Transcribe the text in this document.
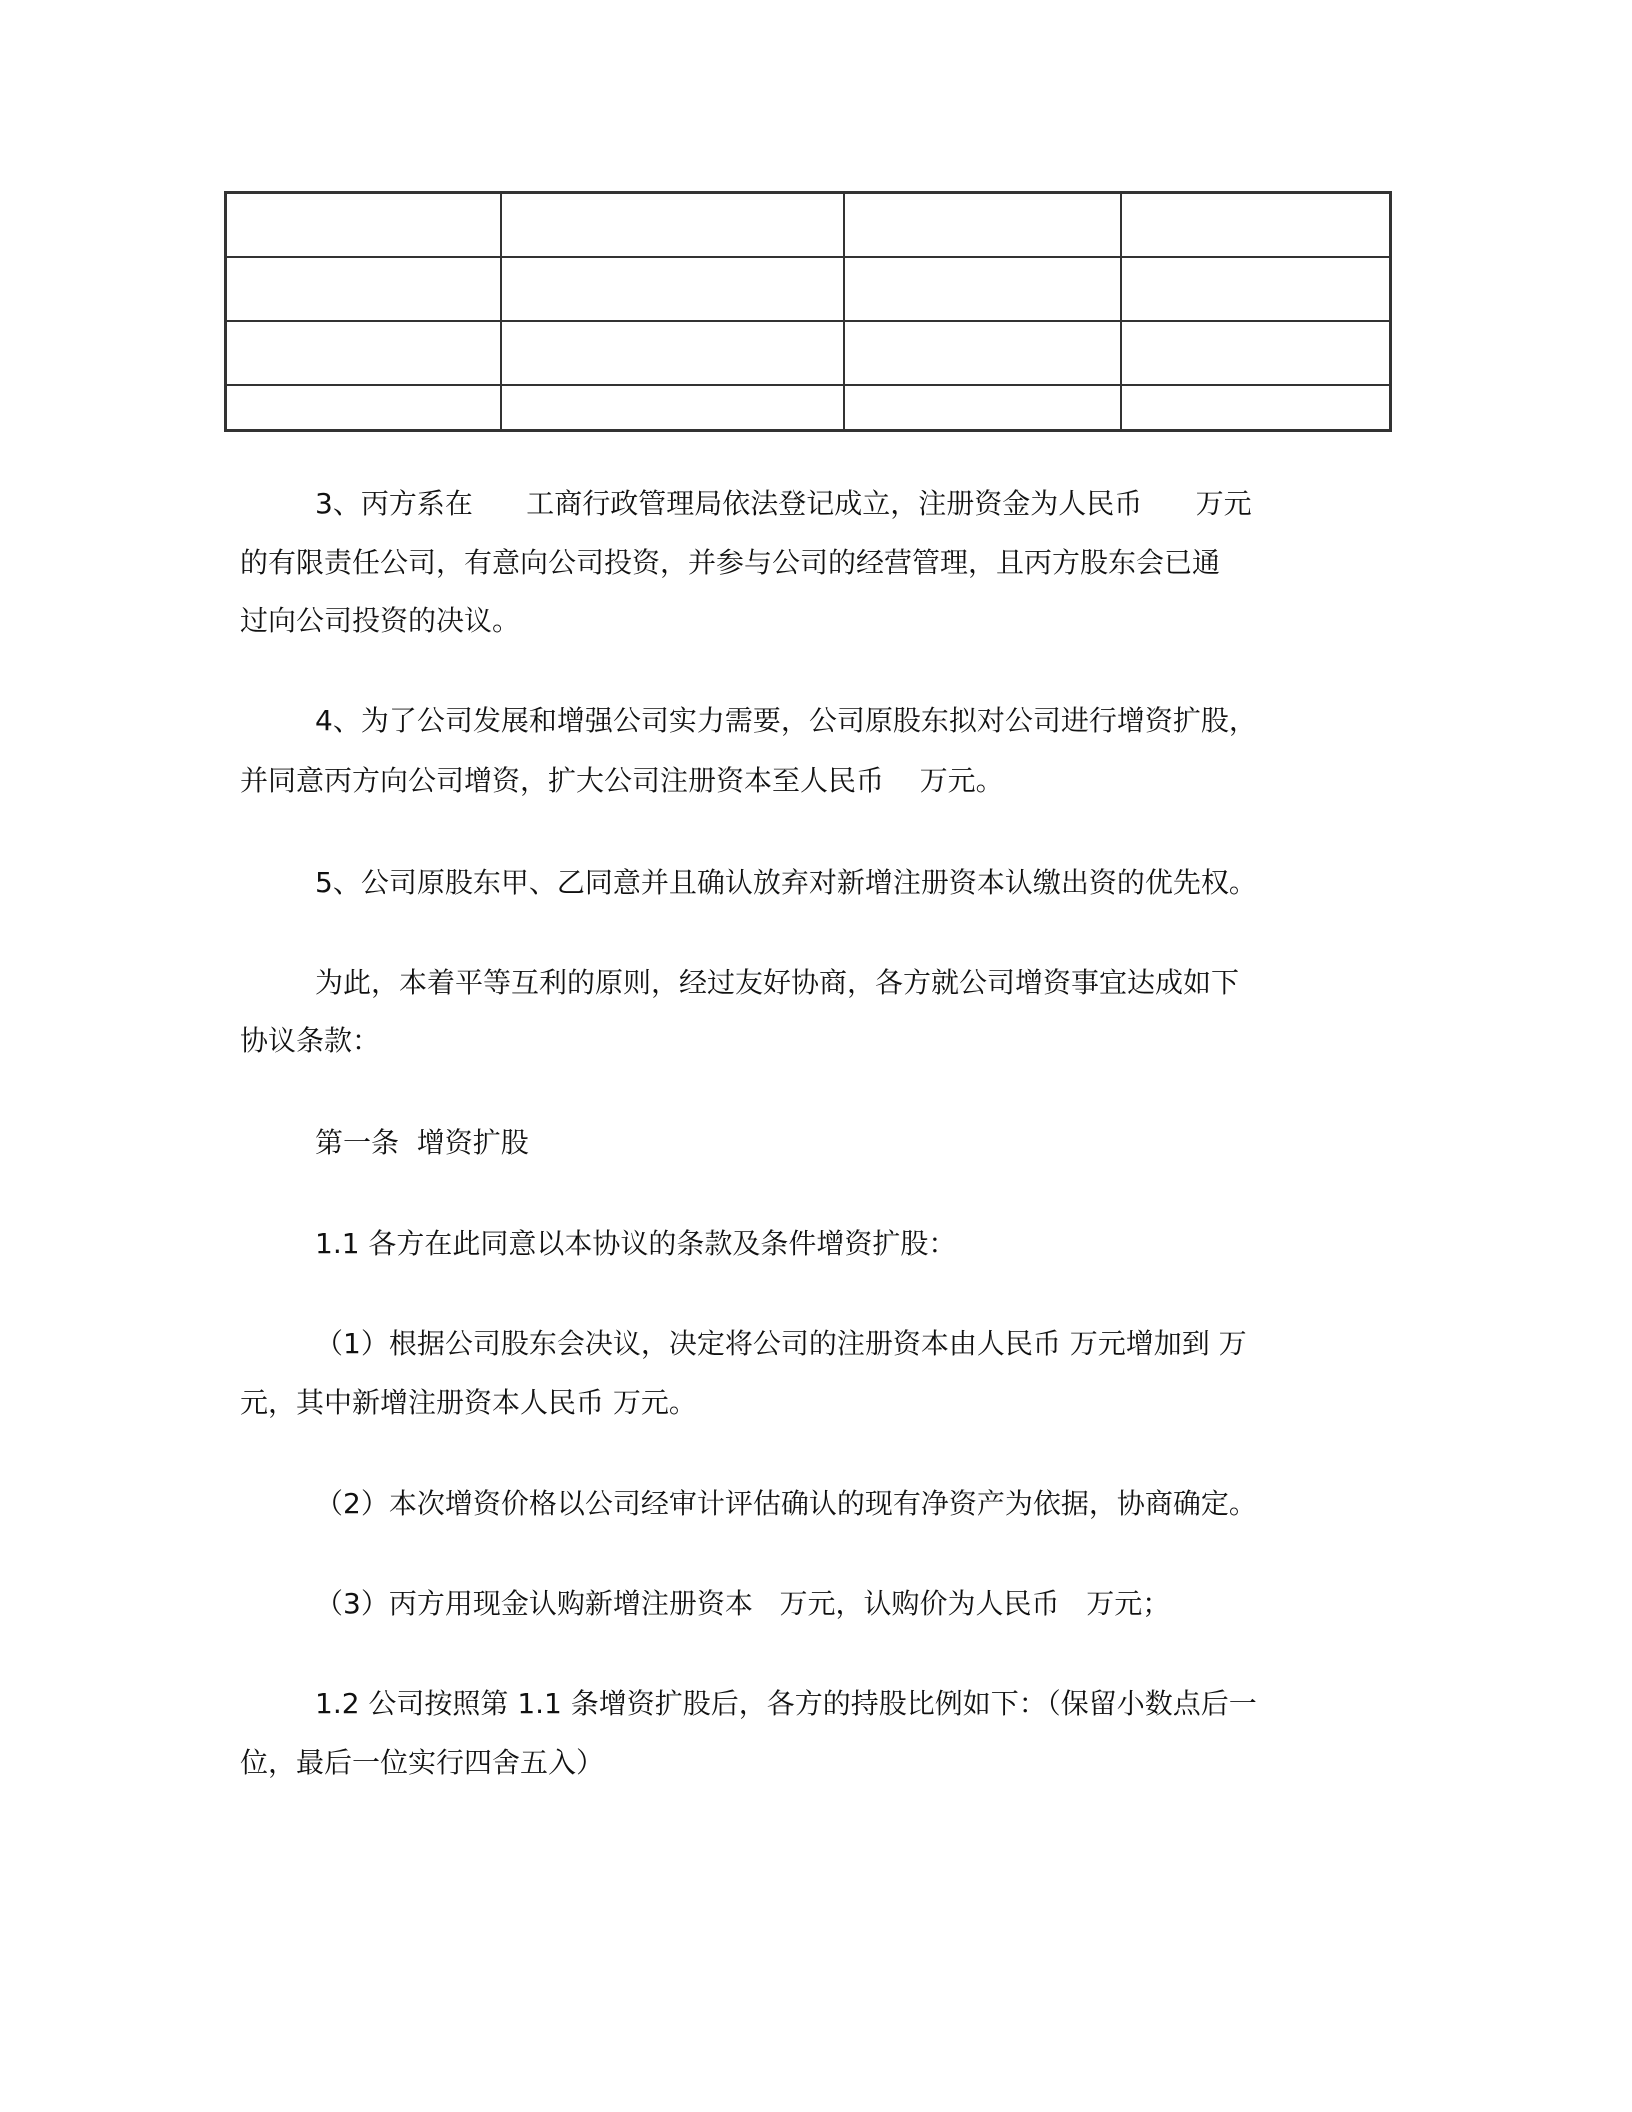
3、丙方系在      工商行政管理局依法登记成立，注册资金为人民币      万元
的有限责任公司，有意向公司投资，并参与公司的经营管理，且丙方股东会已通
过向公司投资的决议。
4、为了公司发展和增强公司实力需要，公司原股东拟对公司进行增资扩股，
并同意丙方向公司增资，扩大公司注册资本至人民币    万元。
5、公司原股东甲、乙同意并且确认放弃对新增注册资本认缴出资的优先权。
为此，本着平等互利的原则，经过友好协商，各方就公司增资事宜达成如下
协议条款：
第一条  增资扩股
1.1 各方在此同意以本协议的条款及条件增资扩股：
（1）根据公司股东会决议，决定将公司的注册资本由人民币 万元增加到 万
元，其中新增注册资本人民币 万元。
（2）本次增资价格以公司经审计评估确认的现有净资产为依据，协商确定。
（3）丙方用现金认购新增注册资本   万元，认购价为人民币   万元；
1.2 公司按照第 1.1 条增资扩股后，各方的持股比例如下：（保留小数点后一
位，最后一位实行四舍五入）
